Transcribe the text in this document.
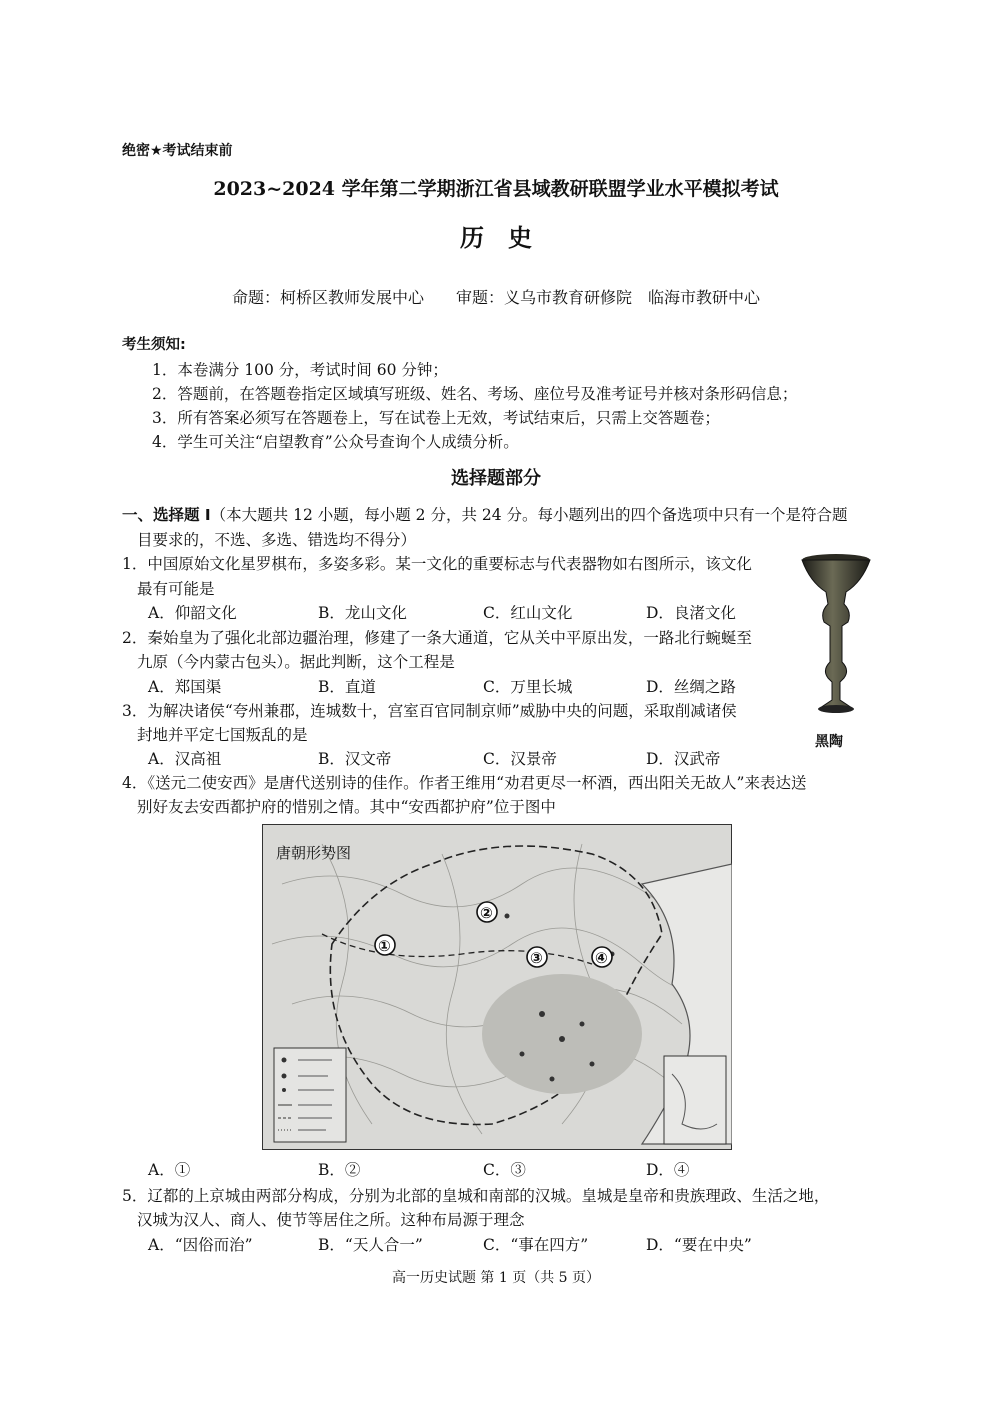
绝密★考试结束前
2023~2024 学年第二学期浙江省县域教研联盟学业水平模拟考试
历　史
命题：柯桥区教师发展中心　　审题：义乌市教育研修院　临海市教研中心
考生须知:
1．本卷满分 100 分，考试时间 60 分钟；
2．答题前，在答题卷指定区域填写班级、姓名、考场、座位号及准考证号并核对条形码信息；
3．所有答案必须写在答题卷上，写在试卷上无效，考试结束后，只需上交答题卷；
4．学生可关注“启望教育”公众号查询个人成绩分析。
选择题部分
一、选择题 I（本大题共 12 小题，每小题 2 分，共 24 分。每小题列出的四个备选项中只有一个是符合题
目要求的，不选、多选、错选均不得分）
1．中国原始文化星罗棋布，多姿多彩。某一文化的重要标志与代表器物如右图所示，该文化
最有可能是
A．仰韶文化	B．龙山文化	C．红山文化	D．良渚文化
2．秦始皇为了强化北部边疆治理，修建了一条大通道，它从关中平原出发，一路北行蜿蜒至
九原（今内蒙古包头）。据此判断，这个工程是
A．郑国渠	B．直道	C．万里长城	D．丝绸之路
3．为解决诸侯“夸州兼郡，连城数十，宫室百官同制京师”威胁中央的问题，采取削减诸侯
封地并平定七国叛乱的是
A．汉高祖	B．汉文帝	C．汉景帝	D．汉武帝
黑陶
4．《送元二使安西》是唐代送别诗的佳作。作者王维用“劝君更尽一杯酒，西出阳关无故人”来表达送
别好友去安西都护府的惜别之情。其中“安西都护府”位于图中
①
②
③	④
唐朝形势图
A．①	B．②	C．③	D．④
5．辽都的上京城由两部分构成，分别为北部的皇城和南部的汉城。皇城是皇帝和贵族理政、生活之地，
汉城为汉人、商人、使节等居住之所。这种布局源于理念
A．“因俗而治”	B．“天人合一”	C．“事在四方”	D．“要在中央”
高一历史试题 第 1 页（共 5 页）
